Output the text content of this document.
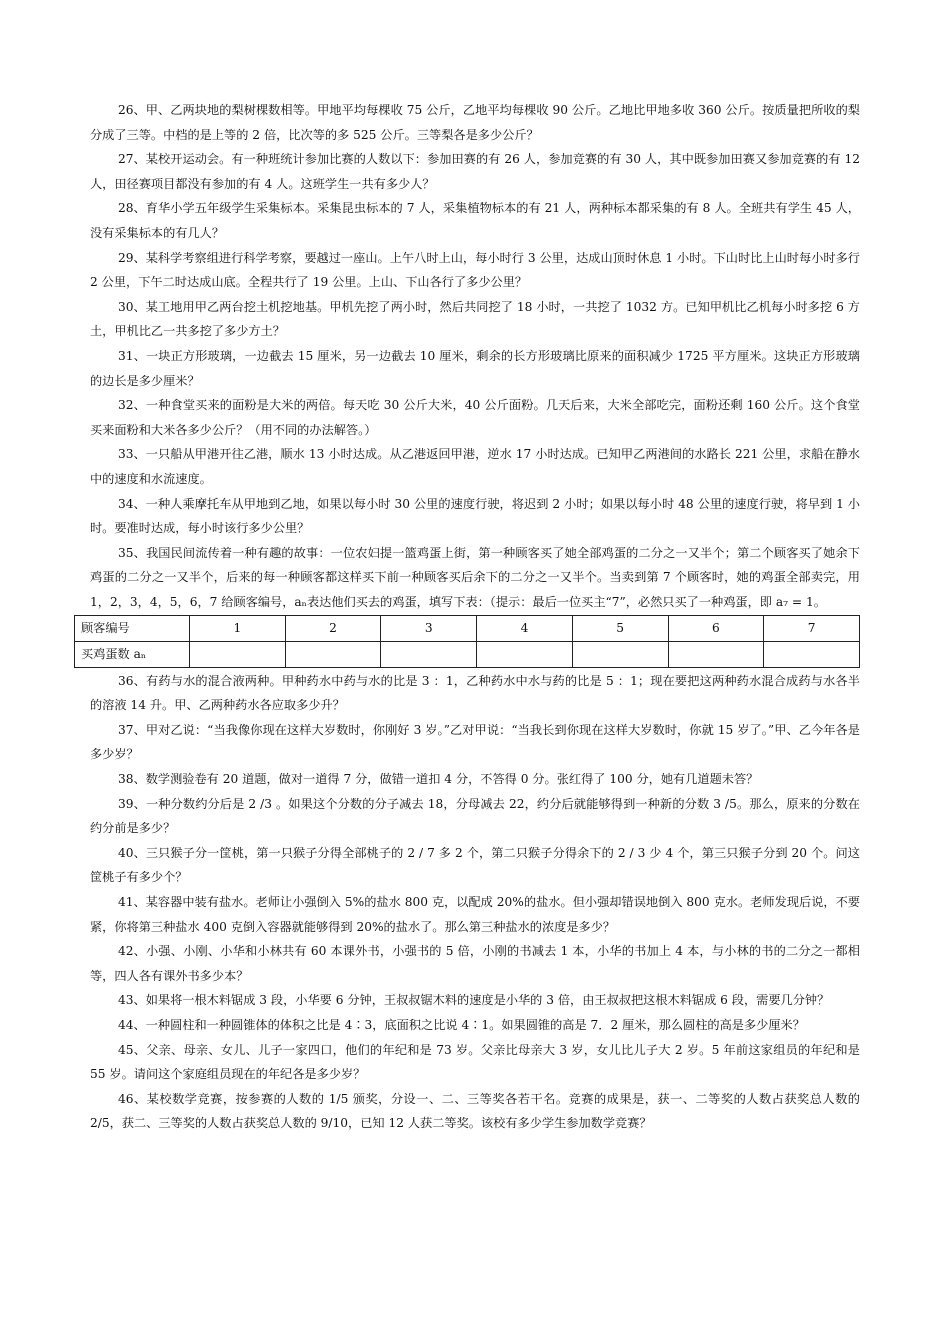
26、甲、乙两块地的梨树棵数相等。甲地平均每棵收 75 公斤，乙地平均每棵收 90 公斤。乙地比甲地多收 360 公斤。按质量把所收的梨分成了三等。中档的是上等的 2 倍，比次等的多 525 公斤。三等梨各是多少公斤？

27、某校开运动会。有一种班统计参加比赛的人数以下：参加田赛的有 26 人，参加竞赛的有 30 人，其中既参加田赛又参加竞赛的有 12 人，田径赛项目都没有参加的有 4 人。这班学生一共有多少人？

28、育华小学五年级学生采集标本。采集昆虫标本的 7 人，采集植物标本的有 21 人，两种标本都采集的有 8 人。全班共有学生 45 人，没有采集标本的有几人？

29、某科学考察组进行科学考察，要越过一座山。上午八时上山，每小时行 3 公里，达成山顶时休息 1 小时。下山时比上山时每小时多行 2 公里，下午二时达成山底。全程共行了 19 公里。上山、下山各行了多少公里？

30、某工地用甲乙两台挖土机挖地基。甲机先挖了两小时，然后共同挖了 18 小时，一共挖了 1032 方。已知甲机比乙机每小时多挖 6 方土，甲机比乙一共多挖了多少方土？

31、一块正方形玻璃，一边截去 15 厘米，另一边截去 10 厘米，剩余的长方形玻璃比原来的面积减少 1725 平方厘米。这块正方形玻璃的边长是多少厘米？

32、一种食堂买来的面粉是大米的两倍。每天吃 30 公斤大米，40 公斤面粉。几天后来，大米全部吃完，面粉还剩 160 公斤。这个食堂买来面粉和大米各多少公斤？（用不同的办法解答。）

33、一只船从甲港开往乙港，顺水 13 小时达成。从乙港返回甲港，逆水 17 小时达成。已知甲乙两港间的水路长 221 公里，求船在静水中的速度和水流速度。

34、一种人乘摩托车从甲地到乙地，如果以每小时 30 公里的速度行驶，将迟到 2 小时；如果以每小时 48 公里的速度行驶，将早到 1 小时。要准时达成，每小时该行多少公里？

35、我国民间流传着一种有趣的故事：一位农妇提一篮鸡蛋上街，第一种顾客买了她全部鸡蛋的二分之一又半个；第二个顾客买了她余下鸡蛋的二分之一又半个，后来的每一种顾客都这样买下前一种顾客买后余下的二分之一又半个。当卖到第 7 个顾客时，她的鸡蛋全部卖完，用 1，2，3，4，5，6，7 给顾客编号，aₙ表达他们买去的鸡蛋，填写下表：（提示：最后一位买主“7”，必然只买了一种鸡蛋，即 a₇ = 1。

顾客编号	1	2	3	4	5	6	7
买鸡蛋数 aₙ							

36、有药与水的混合液两种。甲种药水中药与水的比是 3 ：1，乙种药水中水与药的比是 5 ：1；现在要把这两种药水混合成药与水各半的溶液 14 升。甲、乙两种药水各应取多少升？

37、甲对乙说：“当我像你现在这样大岁数时，你刚好 3 岁。”乙对甲说：“当我长到你现在这样大岁数时，你就 15 岁了。”甲、乙今年各是多少岁？

38、数学测验卷有 20 道题，做对一道得 7 分，做错一道扣 4 分，不答得 0 分。张红得了 100 分，她有几道题未答？

39、一种分数约分后是 2 /3 。如果这个分数的分子减去 18，分母减去 22，约分后就能够得到一种新的分数 3 /5。那么，原来的分数在约分前是多少？

40、三只猴子分一筐桃，第一只猴子分得全部桃子的 2 / 7 多 2 个，第二只猴子分得余下的 2 / 3 少 4 个，第三只猴子分到 20 个。问这筐桃子有多少个？

41、某容器中装有盐水。老师让小强倒入 5%的盐水 800 克，以配成 20%的盐水。但小强却错误地倒入 800 克水。老师发现后说，不要紧，你将第三种盐水 400 克倒入容器就能够得到 20%的盐水了。那么第三种盐水的浓度是多少？

42、小强、小刚、小华和小林共有 60 本课外书，小强书的 5 倍，小刚的书减去 1 本，小华的书加上 4 本，与小林的书的二分之一都相等，四人各有课外书多少本？

43、如果将一根木料锯成 3 段，小华要 6 分钟，王叔叔锯木料的速度是小华的 3 倍，由王叔叔把这根木料锯成 6 段，需要几分钟？

44、一种圆柱和一种圆锥体的体积之比是 4∶3，底面积之比说 4∶1。如果圆锥的高是 7．2 厘米，那么圆柱的高是多少厘米？

45、父亲、母亲、女儿、儿子一家四口，他们的年纪和是 73 岁。父亲比母亲大 3 岁，女儿比儿子大 2 岁。5 年前这家组员的年纪和是 55 岁。请问这个家庭组员现在的年纪各是多少岁？

46、某校数学竞赛，按参赛的人数的 1/5 颁奖，分设一、二、三等奖各若干名。竞赛的成果是，获一、二等奖的人数占获奖总人数的 2/5，获二、三等奖的人数占获奖总人数的 9/10，已知 12 人获二等奖。该校有多少学生参加数学竞赛？
